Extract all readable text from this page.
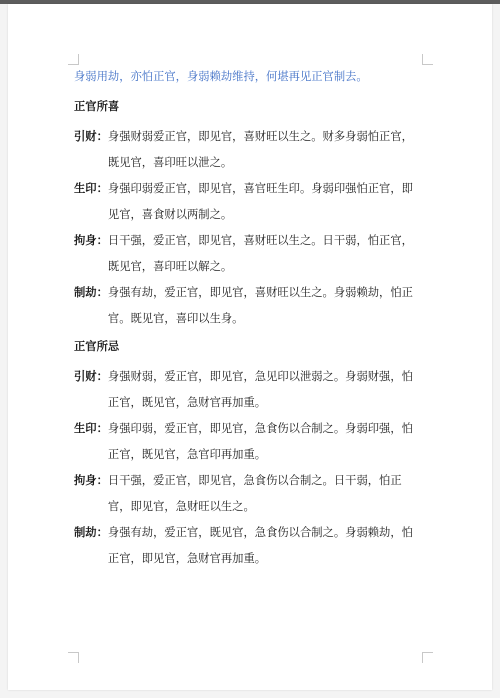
身弱用劫，亦怕正官，身弱赖劫维持，何堪再见正官制去。
正官所喜
引财： 身强财弱爱正官，即见官，喜财旺以生之。财多身弱怕正官，既见官，喜印旺以泄之。
生印： 身强印弱爱正官，即见官，喜官旺生印。身弱印强怕正官，即见官，喜食财以两制之。
拘身： 日干强，爱正官，即见官，喜财旺以生之。日干弱，怕正官，既见官，喜印旺以解之。
制劫： 身强有劫，爱正官，即见官，喜财旺以生之。身弱赖劫，怕正官。既见官，喜印以生身。
正官所忌
引财： 身强财弱，爱正官，即见官，急见印以泄弱之。身弱财强，怕正官，既见官，急财官再加重。
生印： 身强印弱，爱正官，即见官，急食伤以合制之。身弱印强，怕正官，既见官，急官印再加重。
拘身： 日干强，爱正官，即见官，急食伤以合制之。日干弱，怕正官，即见官，急财旺以生之。
制劫： 身强有劫，爱正官，既见官，急食伤以合制之。身弱赖劫，怕正官，即见官，急财官再加重。
